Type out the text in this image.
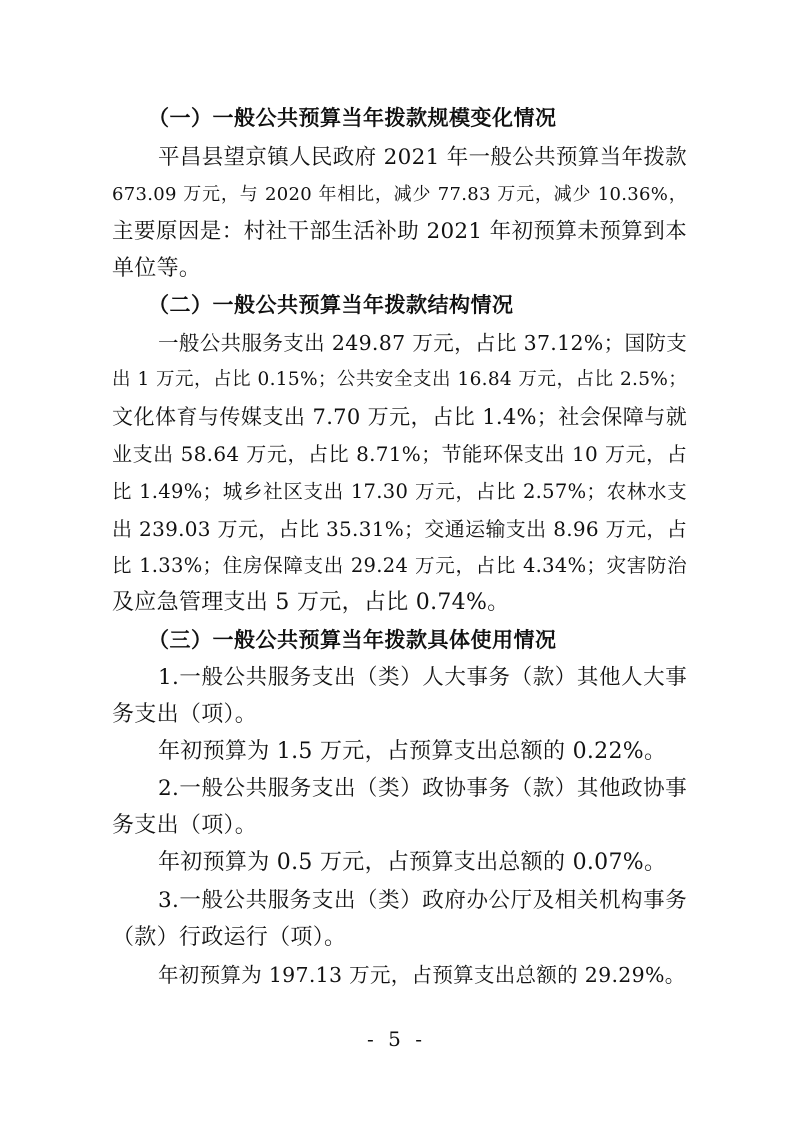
（一）一般公共预算当年拨款规模变化情况
平昌县望京镇人民政府 2021 年一般公共预算当年拨款
673.09 万元，与 2020 年相比，减少 77.83 万元，减少 10.36%，
主要原因是：村社干部生活补助 2021 年初预算未预算到本
单位等。
（二）一般公共预算当年拨款结构情况
一般公共服务支出 249.87 万元，占比 37.12%；国防支
出 1 万元，占比 0.15%；公共安全支出 16.84 万元，占比 2.5%；
文化体育与传媒支出 7.70 万元，占比 1.4%；社会保障与就
业支出 58.64 万元，占比 8.71%；节能环保支出 10 万元，占
比 1.49%；城乡社区支出 17.30 万元，占比 2.57%；农林水支
出 239.03 万元，占比 35.31%；交通运输支出 8.96 万元，占
比 1.33%；住房保障支出 29.24 万元，占比 4.34%；灾害防治
及应急管理支出 5 万元，占比 0.74%。
（三）一般公共预算当年拨款具体使用情况
1.一般公共服务支出（类）人大事务（款）其他人大事
务支出（项）。
年初预算为 1.5 万元，占预算支出总额的 0.22%。
2.一般公共服务支出（类）政协事务（款）其他政协事
务支出（项）。
年初预算为 0.5 万元，占预算支出总额的 0.07%。
3.一般公共服务支出（类）政府办公厅及相关机构事务
（款）行政运行（项）。
年初预算为 197.13 万元，占预算支出总额的 29.29%。
- 5 -
